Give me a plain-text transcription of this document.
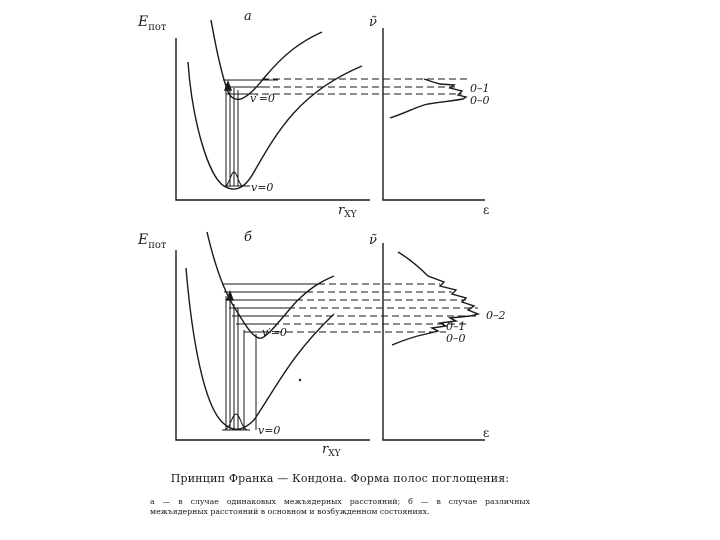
а
$E_{пот}$
$r_{XY}$
ν̃
ε
v′=0
v=0
0–1
0–0
б
$E_{пот}$
$r_{XY}$
ν̃
ε
v′=0
v=0
0–2
0–1
0–0
Принцип Франка — Кондона. Форма полос поглощения:
а — в случае одинаковых межъядерных расстояний; б — в случае различных межъядерных расстояний в основном и возбужденном состояниях.
